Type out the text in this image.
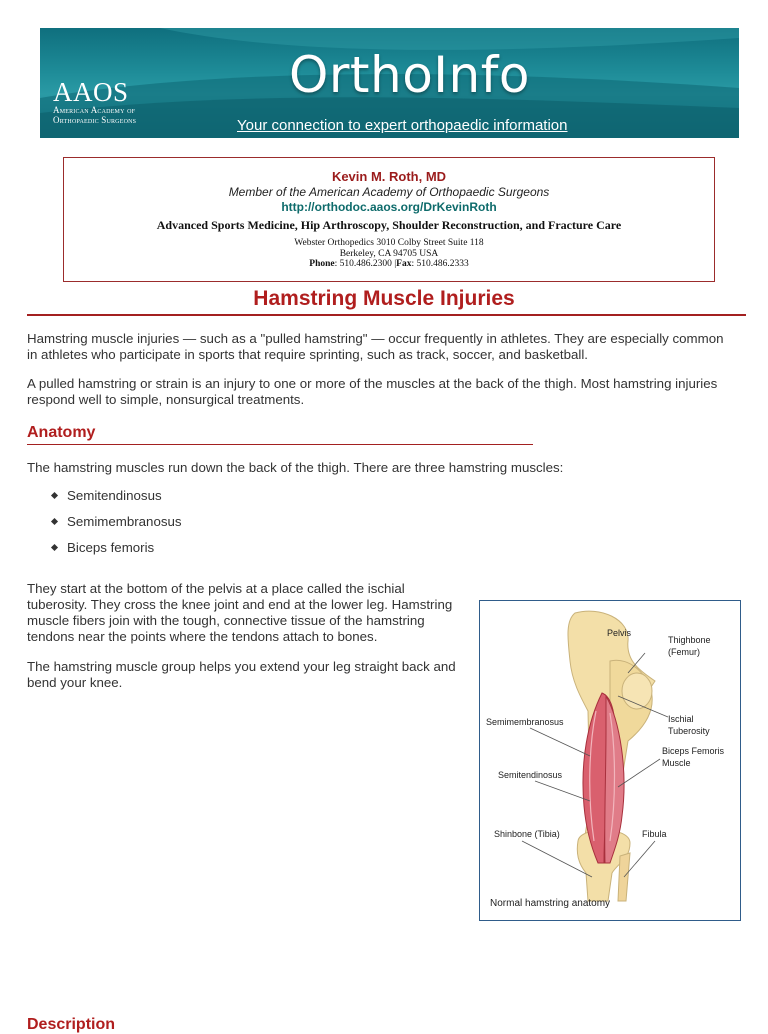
AAOS
American Academy of
Orthopaedic Surgeons
OrthoInfo
Your connection to expert orthopaedic information
Kevin M. Roth, MD
Member of the American Academy of Orthopaedic Surgeons
http://orthodoc.aaos.org/DrKevinRoth
Advanced Sports Medicine, Hip Arthroscopy, Shoulder Reconstruction, and Fracture Care
Webster Orthopedics 3010 Colby Street Suite 118
Berkeley, CA 94705 USA
Phone: 510.486.2300 |Fax: 510.486.2333
Hamstring Muscle Injuries

Hamstring muscle injuries — such as a "pulled hamstring" — occur frequently in athletes. They are especially common in athletes who participate in sports that require sprinting, such as track, soccer, and basketball.

A pulled hamstring or strain is an injury to one or more of the muscles at the back of the thigh. Most hamstring injuries respond well to simple, nonsurgical treatments.

Anatomy

The hamstring muscles run down the back of the thigh. There are three hamstring muscles:

Semitendinosus
Semimembranosus
Biceps femoris

They start at the bottom of the pelvis at a place called the ischial tuberosity. They cross the knee joint and end at the lower leg. Hamstring muscle fibers join with the tough, connective tissue of the hamstring tendons near the points where the tendons attach to bones.

The hamstring muscle group helps you extend your leg straight back and bend your knee.

Pelvis
Thighbone
(Femur)
Ischial
Tuberosity
Semimembranosus
Biceps Femoris
Muscle
Semitendinosus
Shinbone (Tibia)	Fibula
Normal hamstring anatomy
Description
